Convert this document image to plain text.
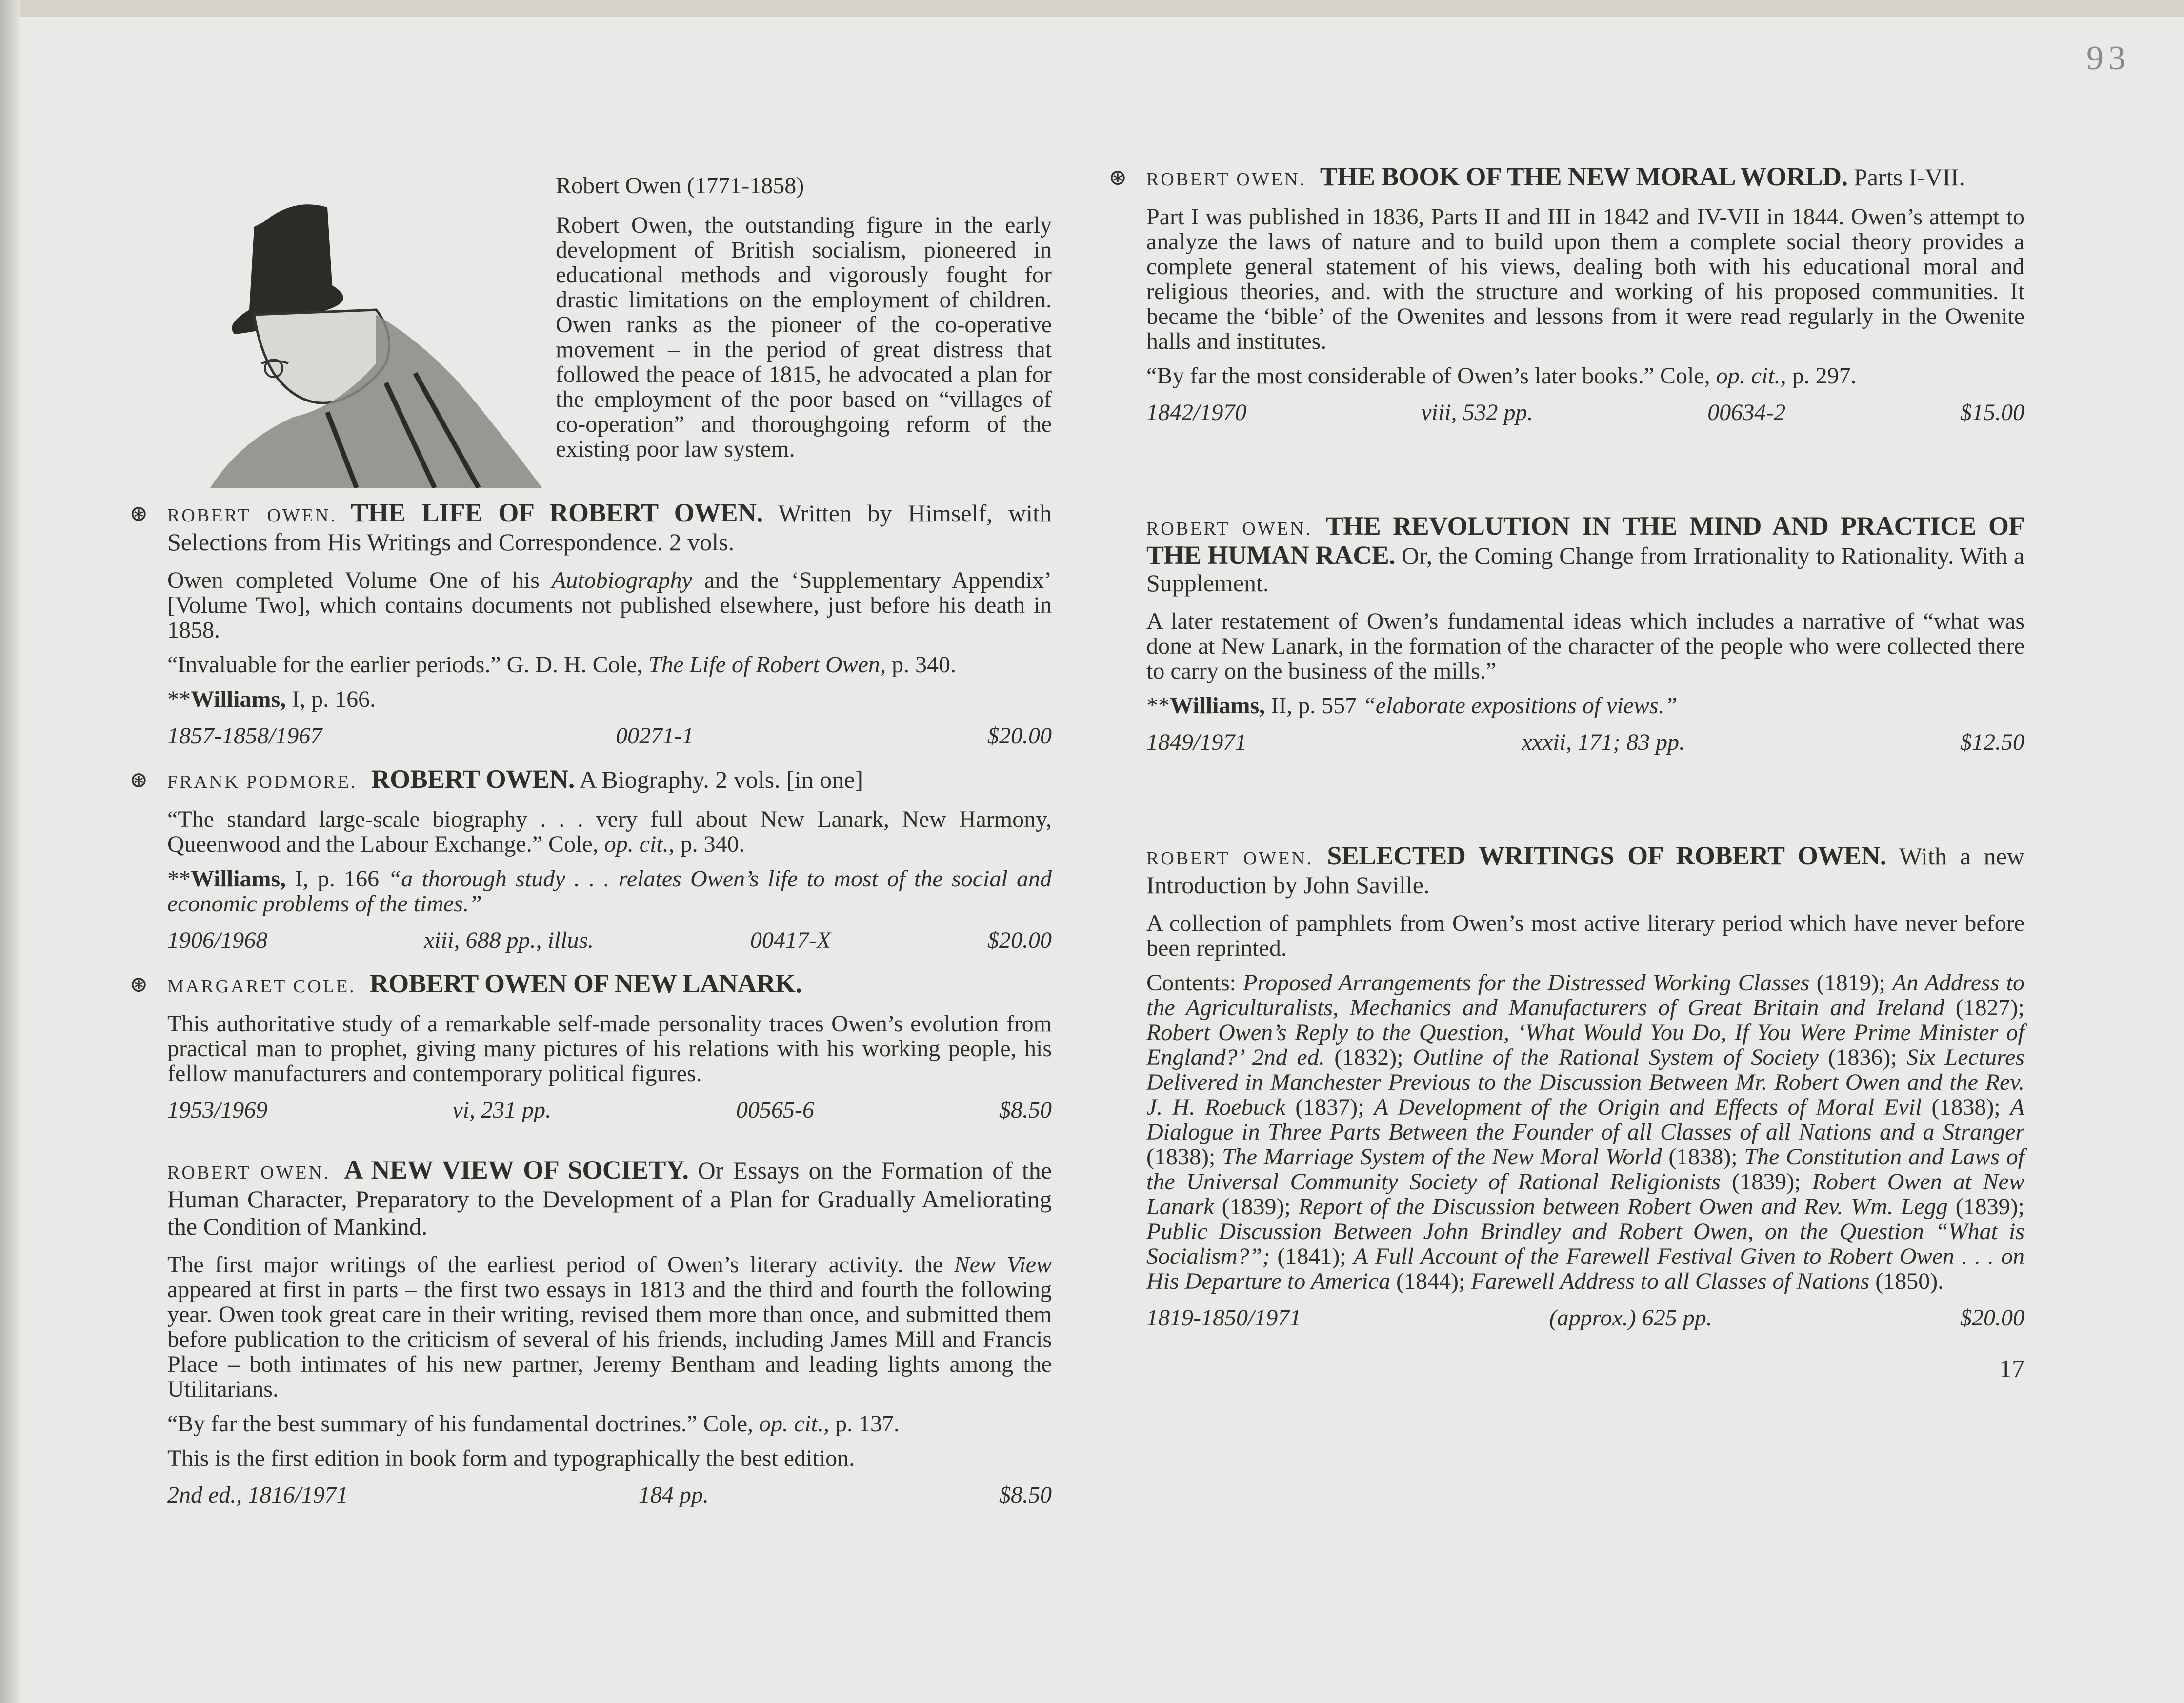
93
Robert Owen (1771-1858)
Robert Owen, the outstanding figure in the early development of British socialism, pioneered in educational methods and vigorously fought for drastic limitations on the employment of children. Owen ranks as the pioneer of the co-operative movement – in the period of great distress that followed the peace of 1815, he advocated a plan for the employment of the poor based on “villages of co-operation” and thoroughgoing reform of the existing poor law system.
⊛ ROBERT OWEN. THE LIFE OF ROBERT OWEN. Written by Himself, with Selections from His Writings and Correspondence. 2 vols.

Owen completed Volume One of his Autobiography and the ‘Supplementary Appendix’ [Volume Two], which contains documents not published elsewhere, just before his death in 1858.

“Invaluable for the earlier periods.” G. D. H. Cole, The Life of Robert Owen, p. 340.

**Williams, I, p. 166.

1857-1858/1967	00271-1	$20.00
⊛ FRANK PODMORE. ROBERT OWEN. A Biography. 2 vols. [in one]

“The standard large-scale biography . . . very full about New Lanark, New Harmony, Queenwood and the Labour Exchange.” Cole, op. cit., p. 340.

**Williams, I, p. 166 “a thorough study . . . relates Owen’s life to most of the social and economic problems of the times.”

1906/1968	xiii, 688 pp., illus.	00417-X	$20.00
⊛ MARGARET COLE. ROBERT OWEN OF NEW LANARK.

This authoritative study of a remarkable self-made personality traces Owen’s evolution from practical man to prophet, giving many pictures of his relations with his working people, his fellow manufacturers and contemporary political figures.

1953/1969	vi, 231 pp.	00565-6	$8.50
ROBERT OWEN. A NEW VIEW OF SOCIETY. Or Essays on the Formation of the Human Character, Preparatory to the Development of a Plan for Gradually Ameliorating the Condition of Mankind.

The first major writings of the earliest period of Owen’s literary activity. the New View appeared at first in parts – the first two essays in 1813 and the third and fourth the following year. Owen took great care in their writing, revised them more than once, and submitted them before publication to the criticism of several of his friends, including James Mill and Francis Place – both intimates of his new partner, Jeremy Bentham and leading lights among the Utilitarians.

“By far the best summary of his fundamental doctrines.” Cole, op. cit., p. 137.

This is the first edition in book form and typographically the best edition.

2nd ed., 1816/1971	184 pp.	$8.50
⊛ ROBERT OWEN. THE BOOK OF THE NEW MORAL WORLD. Parts I-VII.

Part I was published in 1836, Parts II and III in 1842 and IV-VII in 1844. Owen’s attempt to analyze the laws of nature and to build upon them a complete social theory provides a complete general statement of his views, dealing both with his educational moral and religious theories, and. with the structure and working of his proposed communities. It became the ‘bible’ of the Owenites and lessons from it were read regularly in the Owenite halls and institutes.

“By far the most considerable of Owen’s later books.” Cole, op. cit., p. 297.

1842/1970	viii, 532 pp.	00634-2	$15.00
ROBERT OWEN. THE REVOLUTION IN THE MIND AND PRACTICE OF THE HUMAN RACE. Or, the Coming Change from Irrationality to Rationality. With a Supplement.

A later restatement of Owen’s fundamental ideas which includes a narrative of “what was done at New Lanark, in the formation of the character of the people who were collected there to carry on the business of the mills.”

**Williams, II, p. 557 “elaborate expositions of views.”

1849/1971	xxxii, 171; 83 pp.	$12.50
ROBERT OWEN. SELECTED WRITINGS OF ROBERT OWEN. With a new Introduction by John Saville.

A collection of pamphlets from Owen’s most active literary period which have never before been reprinted.

Contents: Proposed Arrangements for the Distressed Working Classes (1819); An Address to the Agriculturalists, Mechanics and Manufacturers of Great Britain and Ireland (1827); Robert Owen’s Reply to the Question, ‘What Would You Do, If You Were Prime Minister of England?’ 2nd ed. (1832); Outline of the Rational System of Society (1836); Six Lectures Delivered in Manchester Previous to the Discussion Between Mr. Robert Owen and the Rev. J. H. Roebuck (1837); A Development of the Origin and Effects of Moral Evil (1838); A Dialogue in Three Parts Between the Founder of all Classes of all Nations and a Stranger (1838); The Marriage System of the New Moral World (1838); The Constitution and Laws of the Universal Community Society of Rational Religionists (1839); Robert Owen at New Lanark (1839); Report of the Discussion between Robert Owen and Rev. Wm. Legg (1839); Public Discussion Between John Brindley and Robert Owen, on the Question “What is Socialism?”; (1841); A Full Account of the Farewell Festival Given to Robert Owen . . . on His Departure to America (1844); Farewell Address to all Classes of Nations (1850).

1819-1850/1971	(approx.) 625 pp.	$20.00
17
